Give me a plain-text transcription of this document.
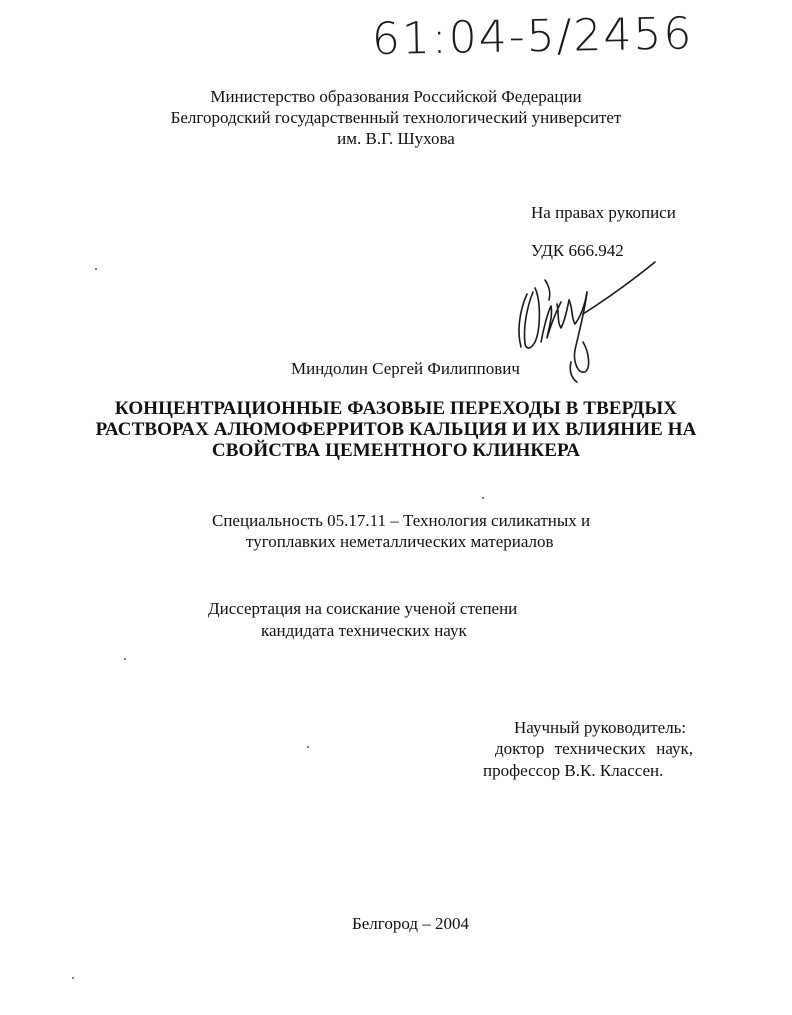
61:04-5/2456
Министерство образования Российской Федерации
Белгородский государственный технологический университет
им. В.Г. Шухова
На правах рукописи
УДК 666.942
Миндолин Сергей Филиппович
КОНЦЕНТРАЦИОННЫЕ ФАЗОВЫЕ ПЕРЕХОДЫ В ТВЕРДЫХ
РАСТВОРАХ АЛЮМОФЕРРИТОВ КАЛЬЦИЯ И ИХ ВЛИЯНИЕ НА
СВОЙСТВА ЦЕМЕНТНОГО КЛИНКЕРА
Специальность 05.17.11 – Технология силикатных и
тугоплавких неметаллических материалов
Диссертация на соискание ученой степени
кандидата технических наук
Научный руководитель:
доктор технических наук,
профессор В.К. Классен.
Белгород – 2004
